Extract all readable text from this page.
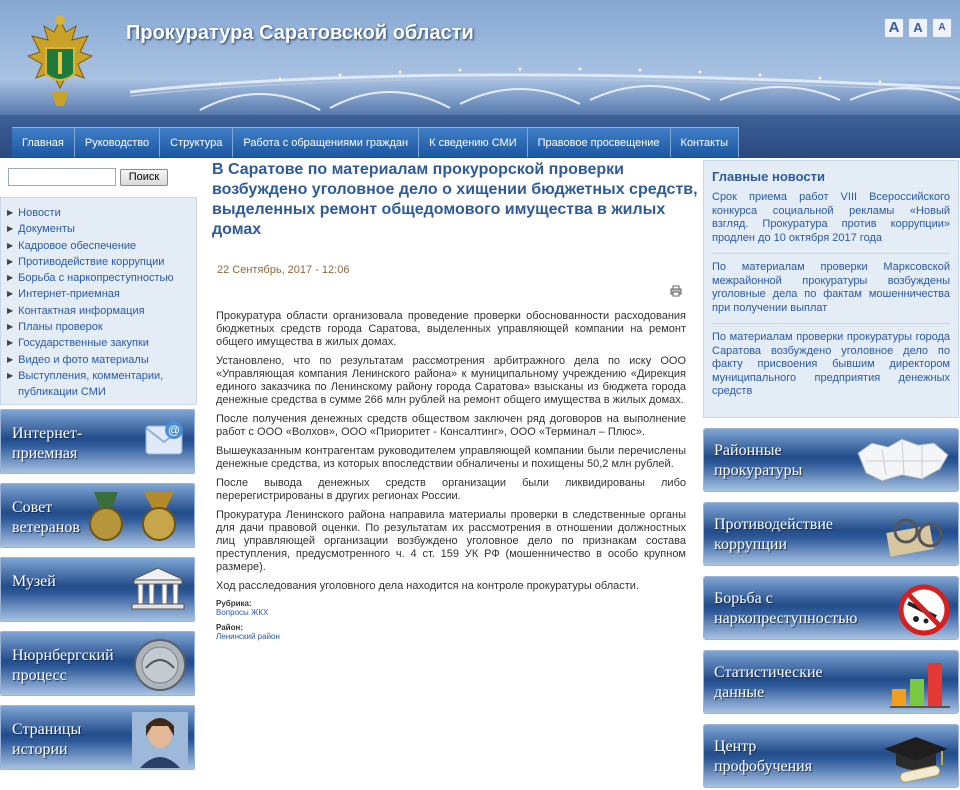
Прокуратура Саратовской области	A	A	A
Главная	Руководство	Структура	Работа с обращениями граждан	К сведению СМИ	Правовое просвещение	Контакты
Поиск
▶ Новости
▶ Документы
▶ Кадровое обеспечение
▶ Противодействие коррупции
▶ Борьба с наркопреступностью
▶ Интернет-приемная
▶ Контактная информация
▶ Планы проверок
▶ Государственные закупки
▶ Видео и фото материалы
▶ Выступления, комментарии, публикации СМИ
Интернет-
приемная
@
Совет
ветеранов
Музей
Нюрнбергский
процесс
Страницы
истории
В Саратове по материалам прокурорской проверки возбуждено уголовное дело о хищении бюджетных средств, выделенных ремонт общедомового имущества в жилых домах
22 Сентябрь, 2017 - 12:06

Прокуратура области организовала проведение проверки обоснованности расходования бюджетных средств города Саратова, выделенных управляющей компании на ремонт общего имущества в жилых домах.

Установлено, что по результатам рассмотрения арбитражного дела по иску ООО «Управляющая компания Ленинского района» к муниципальному учреждению «Дирекция единого заказчика по Ленинскому району города Саратова» взысканы из бюджета города денежные средства в сумме 266 млн рублей на ремонт общего имущества в жилых домах.

После получения денежных средств обществом заключен ряд договоров на выполнение работ с ООО «Волхов», ООО «Приоритет - Консалтинг», ООО «Терминал – Плюс».

Вышеуказанным контрагентам руководителем управляющей компании были перечислены денежные средства, из которых впоследствии обналичены и похищены 50,2 млн рублей.

После вывода денежных средств организации были ликвидированы либо перерегистрированы в других регионах России.

Прокуратура Ленинского района направила материалы проверки в следственные органы для дачи правовой оценки. По результатам их рассмотрения в отношении должностных лиц управляющей организации возбуждено уголовное дело по признакам состава преступления, предусмотренного ч. 4 ст. 159 УК РФ (мошенничество в особо крупном размере).

Ход расследования уголовного дела находится на контроле прокуратуры области.

Рубрика:
Вопросы ЖКХ
Район:
Ленинский район
Главные новости
Срок приема работ VIII Всероссийского конкурса социальной рекламы «Новый взгляд. Прокуратура против коррупции» продлен до 10 октября 2017 года
По материалам проверки Марксовской межрайонной прокуратуры возбуждены уголовные дела по фактам мошенничества при получении выплат
По материалам проверки прокуратуры города Саратова возбуждено уголовное дело по факту присвоения бывшим директором муниципального предприятия денежных средств
Районные
прокуратуры
Противодействие
коррупции
Борьба с
наркопреступностью
Статистические
данные
Центр
профобучения
